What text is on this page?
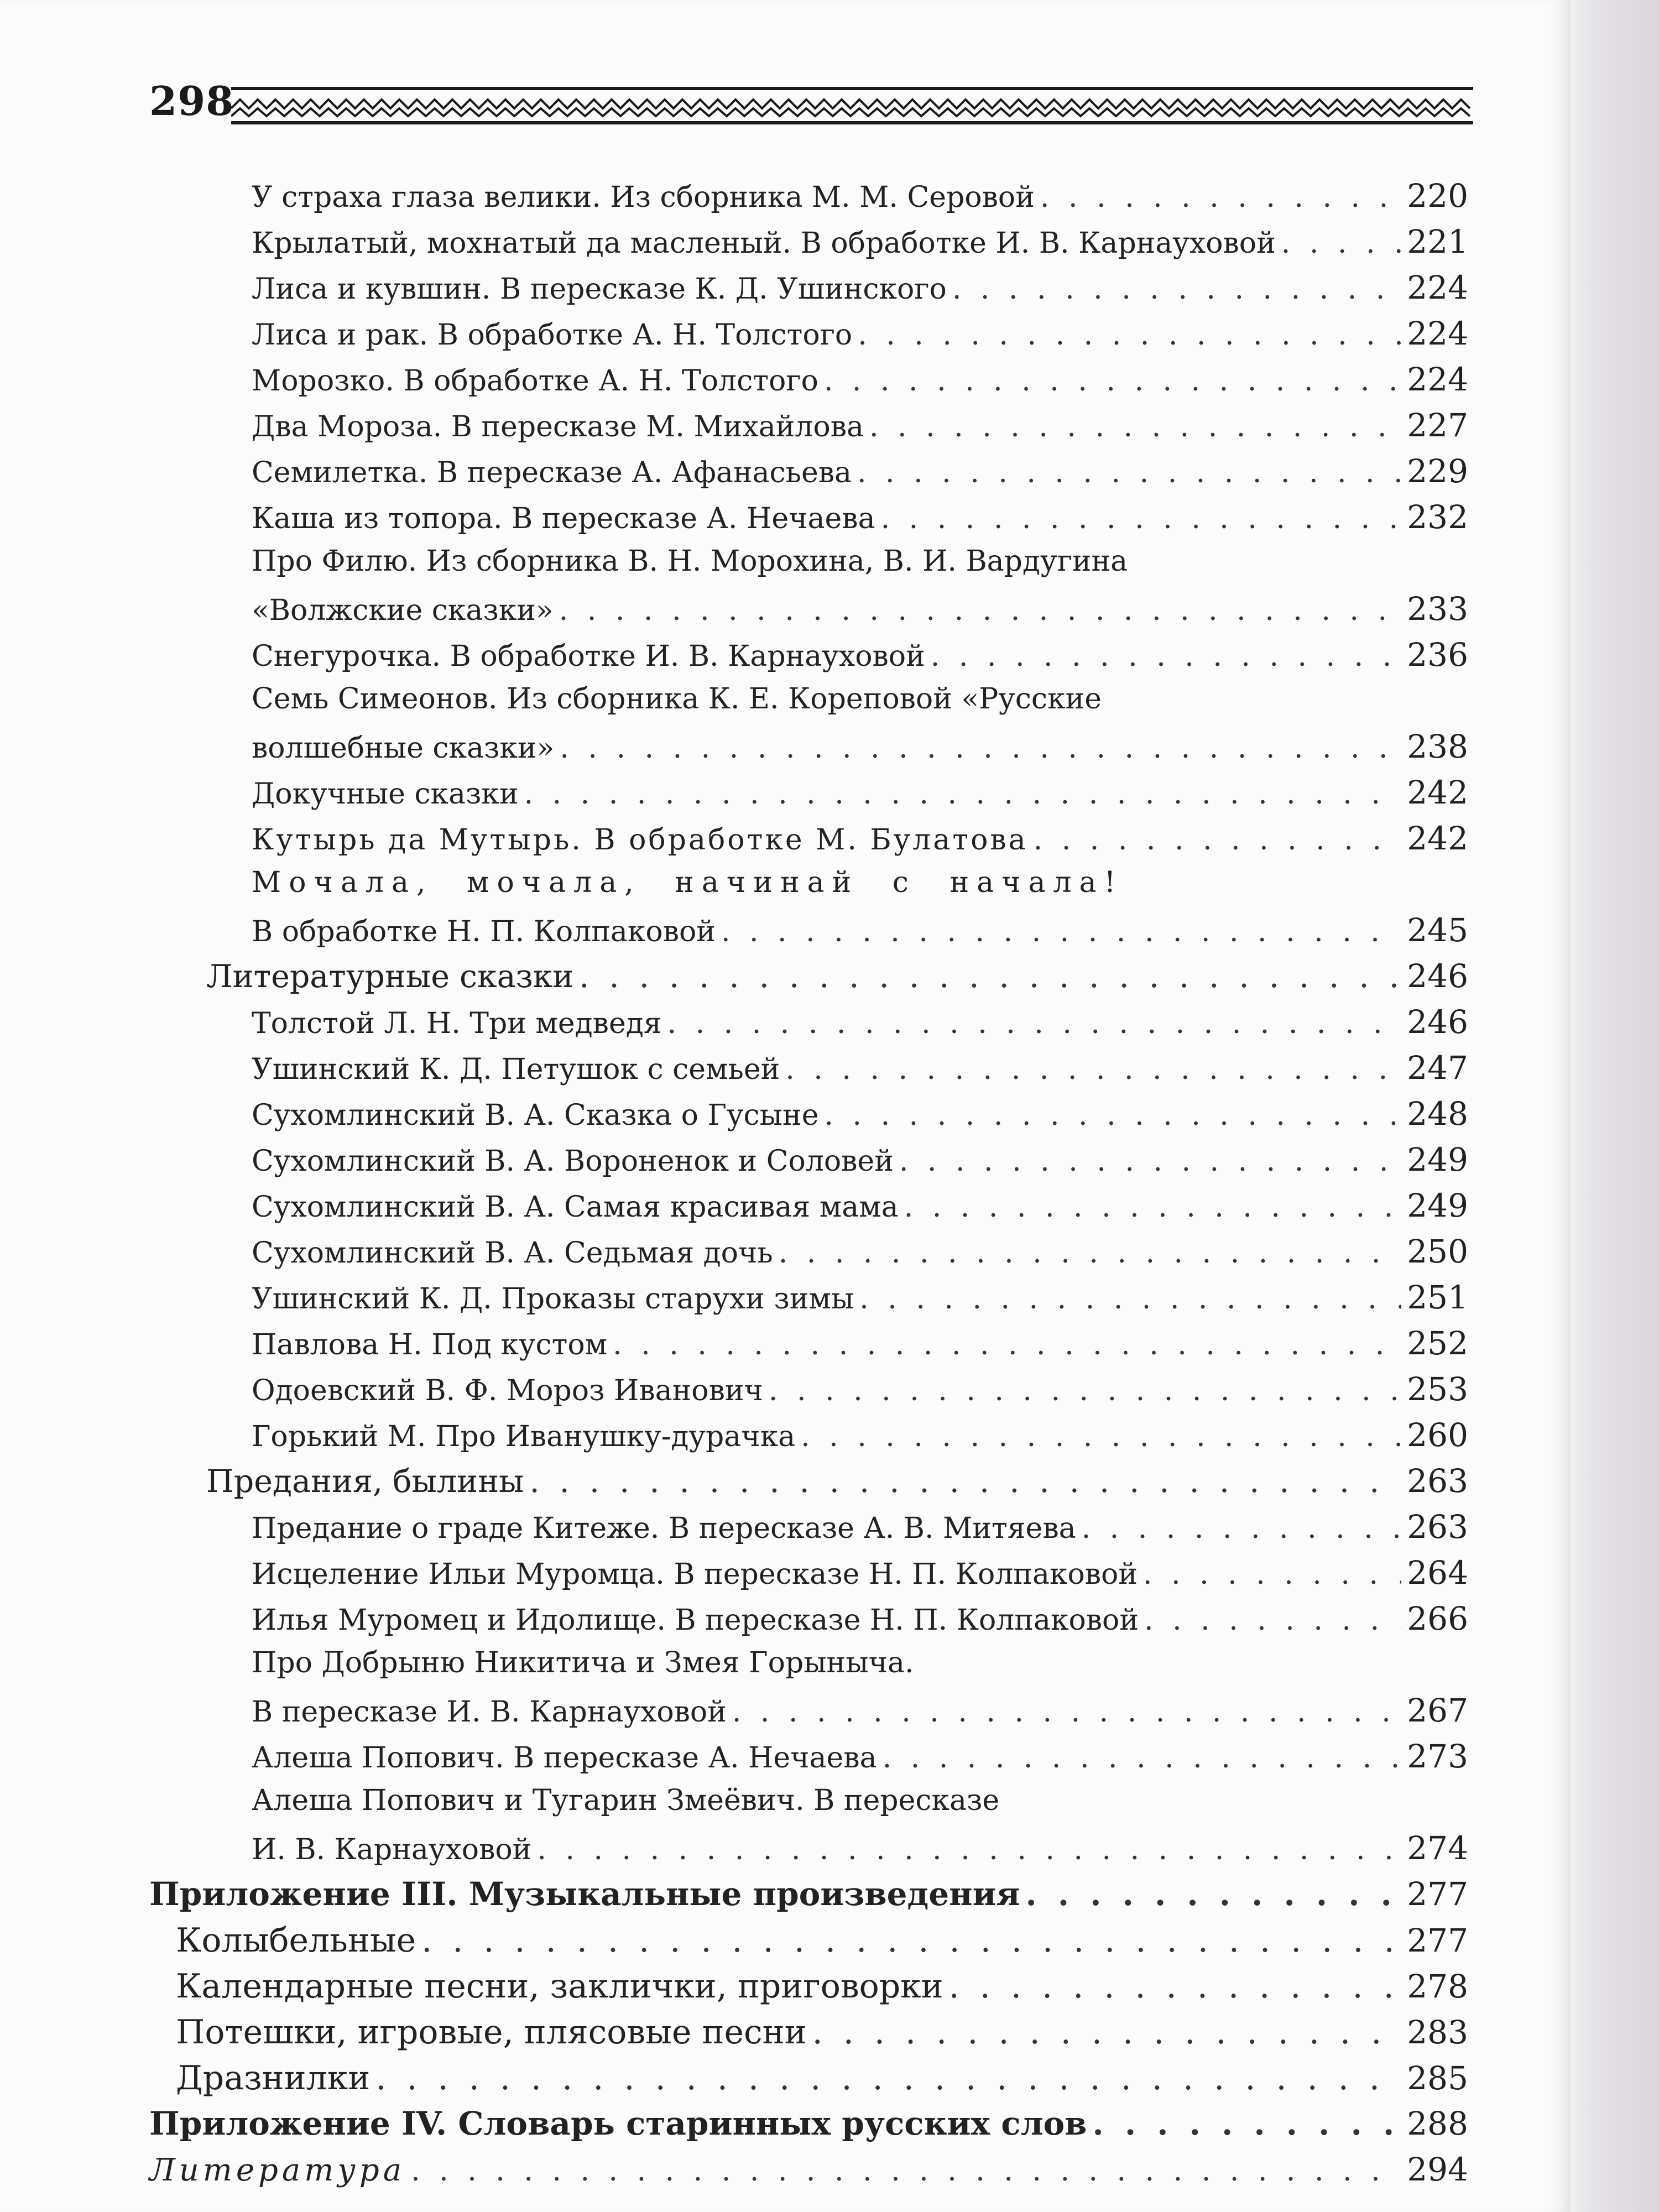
298
У страха глаза велики. Из сборника М. М. Серовой . . .	220
Крылатый, мохнатый да масленый. В обработке И. В. Карнауховой . . .	221
Лиса и кувшин. В пересказе К. Д. Ушинского . . .	224
Лиса и рак. В обработке А. Н. Толстого . . .	224
Морозко. В обработке А. Н. Толстого . . .	224
Два Мороза. В пересказе М. Михайлова . . .	227
Семилетка. В пересказе А. Афанасьева . . .	229
Каша из топора. В пересказе А. Нечаева . . .	232
Про Филю. Из сборника В. Н. Морохина, В. И. Вардугина
«Волжские сказки» . . .	233
Снегурочка. В обработке И. В. Карнауховой . . .	236
Семь Симеонов. Из сборника К. Е. Кореповой «Русские
волшебные сказки» . . .	238
Докучные сказки . . .	242
Кутырь да Мутырь. В обработке М. Булатова . . .	242
Мочала, мочала, начинай с начала!
В обработке Н. П. Колпаковой . . .	245
Литературные сказки . . .	246
Толстой Л. Н. Три медведя . . .	246
Ушинский К. Д. Петушок с семьей . . .	247
Сухомлинский В. А. Сказка о Гусыне . . .	248
Сухомлинский В. А. Вороненок и Соловей . . .	249
Сухомлинский В. А. Самая красивая мама . . .	249
Сухомлинский В. А. Седьмая дочь . . .	250
Ушинский К. Д. Проказы старухи зимы . . .	251
Павлова Н. Под кустом . . .	252
Одоевский В. Ф. Мороз Иванович . . .	253
Горький М. Про Иванушку-дурачка . . .	260
Предания, былины . . .	263
Предание о граде Китеже. В пересказе А. В. Митяева . . .	263
Исцеление Ильи Муромца. В пересказе Н. П. Колпаковой . . .	264
Илья Муромец и Идолище. В пересказе Н. П. Колпаковой . . .	266
Про Добрыню Никитича и Змея Горыныча.
В пересказе И. В. Карнауховой . . .	267
Алеша Попович. В пересказе А. Нечаева . . .	273
Алеша Попович и Тугарин Змеёвич. В пересказе
И. В. Карнауховой . . .	274
Приложение III. Музыкальные произведения . . .	277
Колыбельные . . .	277
Календарные песни, заклички, приговорки . . .	278
Потешки, игровые, плясовые песни . . .	283
Дразнилки . . .	285
Приложение IV. Словарь старинных русских слов . . .	288
Литература . . .	294
